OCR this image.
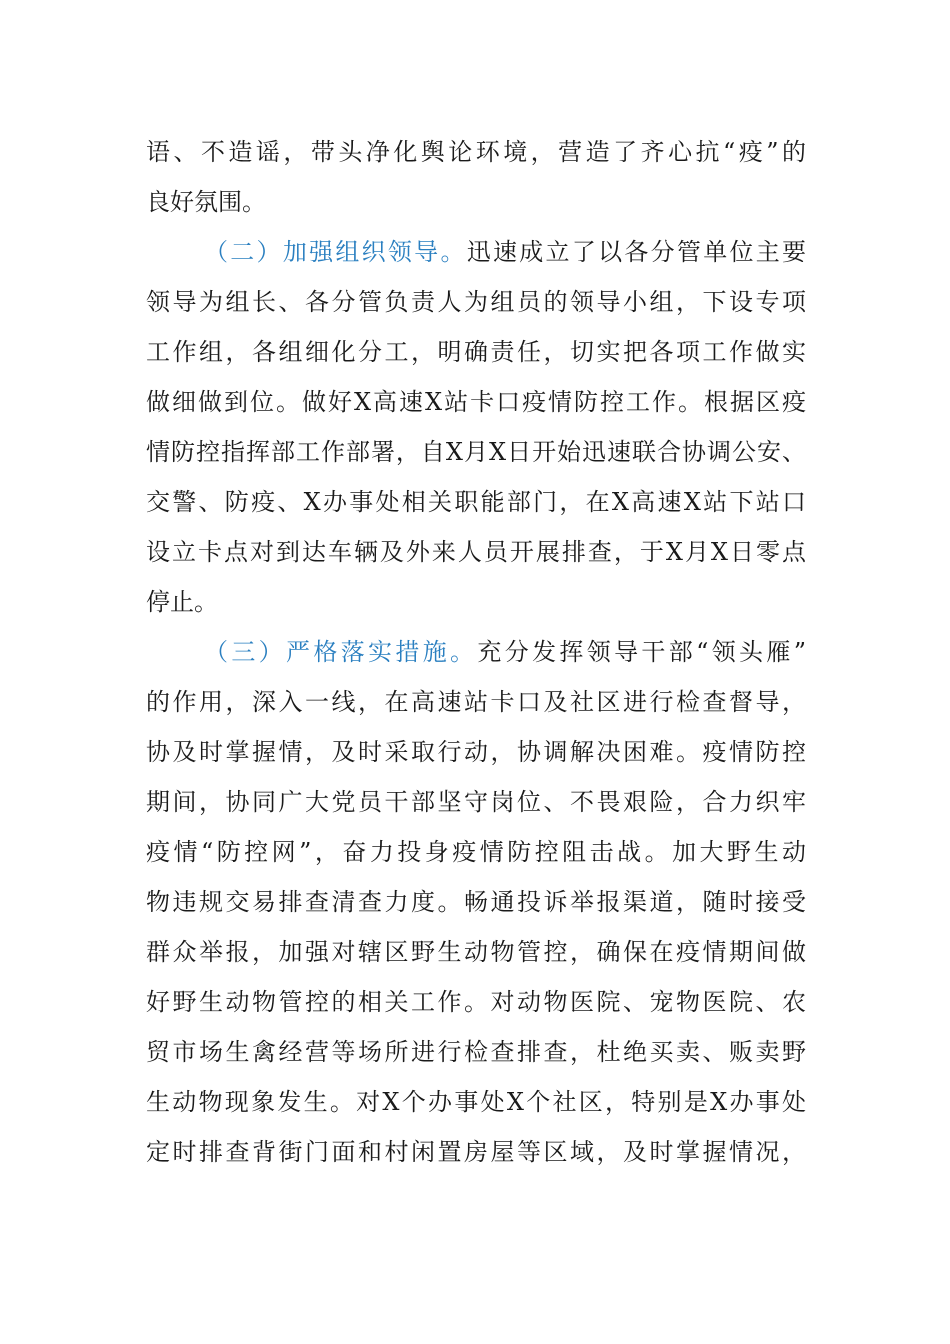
语、不造谣，带头净化舆论环境，营造了齐心抗“疫”的
良好氛围。
（二）加强组织领导。迅速成立了以各分管单位主要
领导为组长、各分管负责人为组员的领导小组，下设专项
工作组，各组细化分工，明确责任，切实把各项工作做实
做细做到位。做好X高速X站卡口疫情防控工作。根据区疫
情防控指挥部工作部署，自X月X日开始迅速联合协调公安、
交警、防疫、X办事处相关职能部门，在X高速X站下站口
设立卡点对到达车辆及外来人员开展排查，于X月X日零点
停止。
（三）严格落实措施。充分发挥领导干部“领头雁”
的作用，深入一线，在高速站卡口及社区进行检查督导，
协及时掌握情，及时采取行动，协调解决困难。疫情防控
期间，协同广大党员干部坚守岗位、不畏艰险，合力织牢
疫情“防控网”，奋力投身疫情防控阻击战。加大野生动
物违规交易排查清查力度。畅通投诉举报渠道，随时接受
群众举报，加强对辖区野生动物管控，确保在疫情期间做
好野生动物管控的相关工作。对动物医院、宠物医院、农
贸市场生禽经营等场所进行检查排查，杜绝买卖、贩卖野
生动物现象发生。对X个办事处X个社区，特别是X办事处
定时排查背街门面和村闲置房屋等区域，及时掌握情况，
